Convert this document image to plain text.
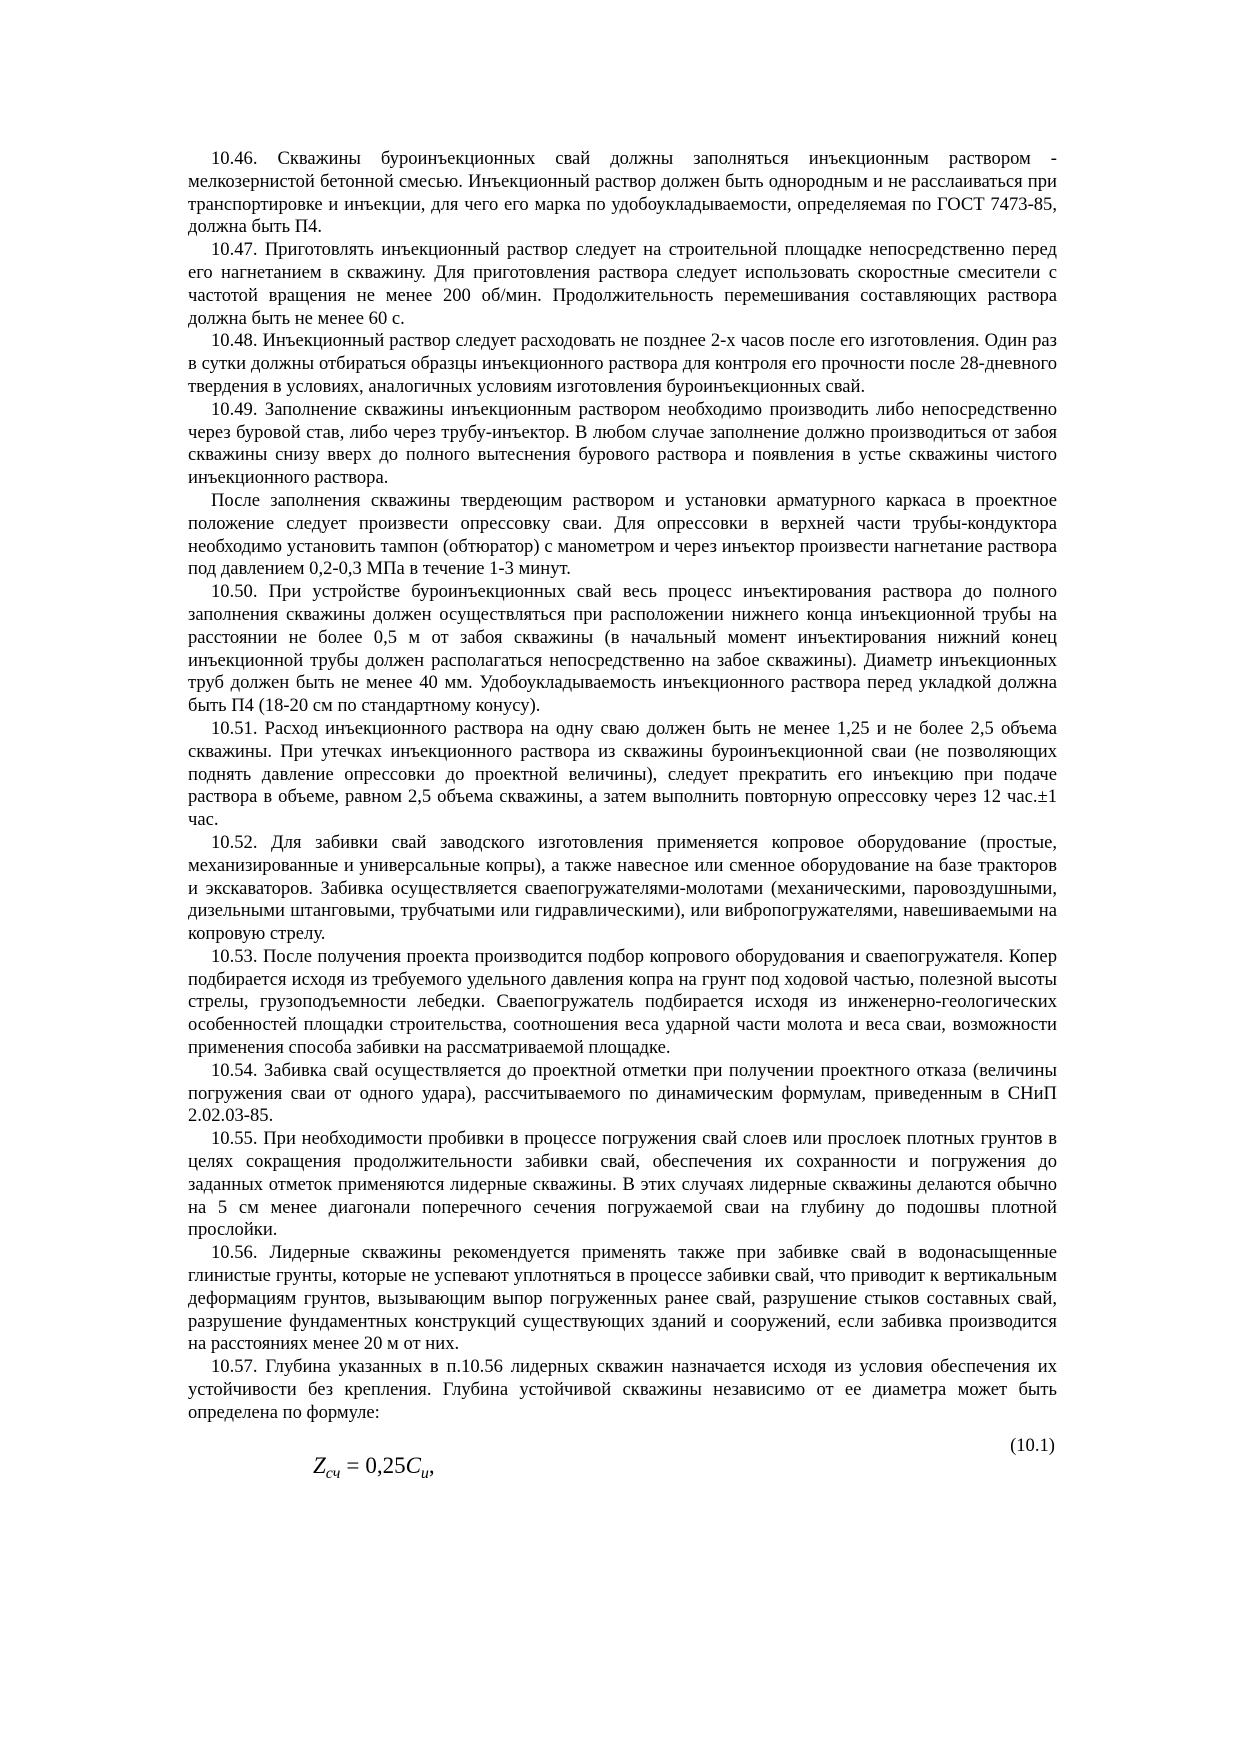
10.46. Скважины буроинъекционных свай должны заполняться инъекционным раствором - мелкозернистой бетонной смесью. Инъекционный раствор должен быть однородным и не расслаиваться при транспортировке и инъекции, для чего его марка по удобоукладываемости, определяемая по ГОСТ 7473-85, должна быть П4.

10.47. Приготовлять инъекционный раствор следует на строительной площадке непосредственно перед его нагнетанием в скважину. Для приготовления раствора следует использовать скоростные смесители с частотой вращения не менее 200 об/мин. Продолжительность перемешивания составляющих раствора должна быть не менее 60 с.

10.48. Инъекционный раствор следует расходовать не позднее 2-х часов после его изготовления. Один раз в сутки должны отбираться образцы инъекционного раствора для контроля его прочности после 28-дневного твердения в условиях, аналогичных условиям изготовления буроинъекционных свай.

10.49. Заполнение скважины инъекционным раствором необходимо производить либо непосредственно через буровой став, либо через трубу-инъектор. В любом случае заполнение должно производиться от забоя скважины снизу вверх до полного вытеснения бурового раствора и появления в устье скважины чистого инъекционного раствора.

После заполнения скважины твердеющим раствором и установки арматурного каркаса в проектное положение следует произвести опрессовку сваи. Для опрессовки в верхней части трубы-кондуктора необходимо установить тампон (обтюратор) с манометром и через инъектор произвести нагнетание раствора под давлением 0,2-0,3 МПа в течение 1-3 минут.

10.50. При устройстве буроинъекционных свай весь процесс инъектирования раствора до полного заполнения скважины должен осуществляться при расположении нижнего конца инъекционной трубы на расстоянии не более 0,5 м от забоя скважины (в начальный момент инъектирования нижний конец инъекционной трубы должен располагаться непосредственно на забое скважины). Диаметр инъекционных труб должен быть не менее 40 мм. Удобоукладываемость инъекционного раствора перед укладкой должна быть П4 (18-20 см по стандартному конусу).

10.51. Расход инъекционного раствора на одну сваю должен быть не менее 1,25 и не более 2,5 объема скважины. При утечках инъекционного раствора из скважины буроинъекционной сваи (не позволяющих поднять давление опрессовки до проектной величины), следует прекратить его инъекцию при подаче раствора в объеме, равном 2,5 объема скважины, а затем выполнить повторную опрессовку через 12 час.±1 час.

10.52. Для забивки свай заводского изготовления применяется копровое оборудование (простые, механизированные и универсальные копры), а также навесное или сменное оборудование на базе тракторов и экскаваторов. Забивка осуществляется сваепогружателями-молотами (механическими, паровоздушными, дизельными штанговыми, трубчатыми или гидравлическими), или вибропогружателями, навешиваемыми на копровую стрелу.

10.53. После получения проекта производится подбор копрового оборудования и сваепогружателя. Копер подбирается исходя из требуемого удельного давления копра на грунт под ходовой частью, полезной высоты стрелы, грузоподъемности лебедки. Сваепогружатель подбирается исходя из инженерно-геологических особенностей площадки строительства, соотношения веса ударной части молота и веса сваи, возможности применения способа забивки на рассматриваемой площадке.

10.54. Забивка свай осуществляется до проектной отметки при получении проектного отказа (величины погружения сваи от одного удара), рассчитываемого по динамическим формулам, приведенным в СНиП 2.02.03-85.

10.55. При необходимости пробивки в процессе погружения свай слоев или прослоек плотных грунтов в целях сокращения продолжительности забивки свай, обеспечения их сохранности и погружения до заданных отметок применяются лидерные скважины. В этих случаях лидерные скважины делаются обычно на 5 см менее диагонали поперечного сечения погружаемой сваи на глубину до подошвы плотной прослойки.

10.56. Лидерные скважины рекомендуется применять также при забивке свай в водонасыщенные глинистые грунты, которые не успевают уплотняться в процессе забивки свай, что приводит к вертикальным деформациям грунтов, вызывающим выпор погруженных ранее свай, разрушение стыков составных свай, разрушение фундаментных конструкций существующих зданий и сооружений, если забивка производится на расстояниях менее 20 м от них.

10.57. Глубина указанных в п.10.56 лидерных скважин назначается исходя из условия обеспечения их устойчивости без крепления. Глубина устойчивой скважины независимо от ее диаметра может быть определена по формуле:

(10.1)
$Z_{сч} = 0,25C_u$,
